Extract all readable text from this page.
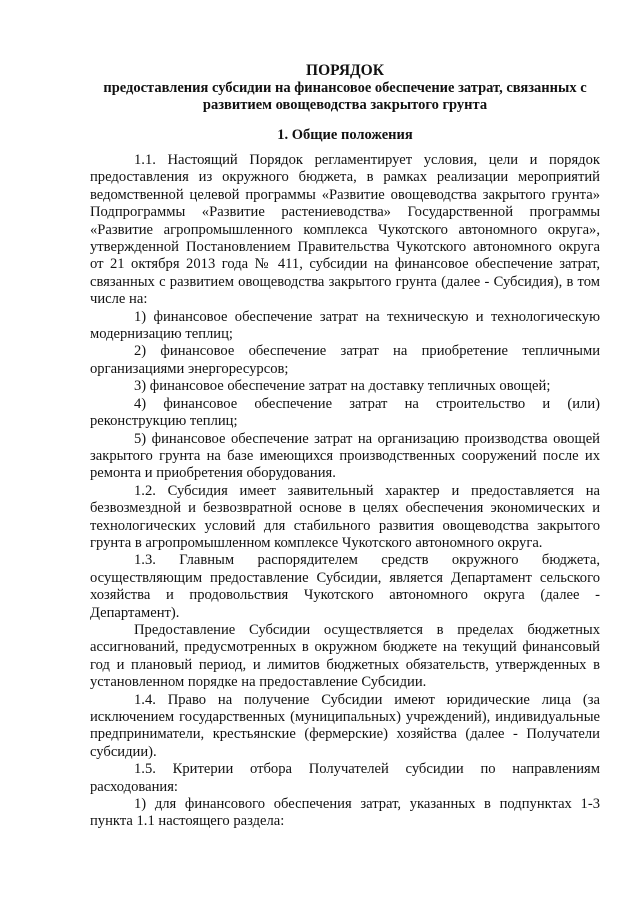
ПОРЯДОК

предоставления субсидии на финансовое обеспечение затрат, связанных с развитием овощеводства закрытого грунта

1. Общие положения

1.1. Настоящий Порядок регламентирует условия, цели и порядок предоставления из окружного бюджета, в рамках реализации мероприятий ведомственной целевой программы «Развитие овощеводства закрытого грунта» Подпрограммы «Развитие растениеводства» Государственной программы «Развитие агропромышленного комплекса Чукотского автономного округа», утвержденной Постановлением Правительства Чукотского автономного округа от 21 октября 2013 года № 411, субсидии на финансовое обеспечение затрат, связанных с развитием овощеводства закрытого грунта (далее - Субсидия), в том числе на:

1) финансовое обеспечение затрат на техническую и технологическую модернизацию теплиц;

2) финансовое обеспечение затрат на приобретение тепличными организациями энергоресурсов;

3) финансовое обеспечение затрат на доставку тепличных овощей;

4) финансовое обеспечение затрат на строительство и (или) реконструкцию теплиц;

5) финансовое обеспечение затрат на организацию производства овощей закрытого грунта на базе имеющихся производственных сооружений после их ремонта и приобретения оборудования.

1.2. Субсидия имеет заявительный характер и предоставляется на безвозмездной и безвозвратной основе в целях обеспечения экономических и технологических условий для стабильного развития овощеводства закрытого грунта в агропромышленном комплексе Чукотского автономного округа.

1.3. Главным распорядителем средств окружного бюджета, осуществляющим предоставление Субсидии, является Департамент сельского хозяйства и продовольствия Чукотского автономного округа (далее - Департамент).

Предоставление Субсидии осуществляется в пределах бюджетных ассигнований, предусмотренных в окружном бюджете на текущий финансовый год и плановый период, и лимитов бюджетных обязательств, утвержденных в установленном порядке на предоставление Субсидии.

1.4. Право на получение Субсидии имеют юридические лица (за исключением государственных (муниципальных) учреждений), индивидуальные предприниматели, крестьянские (фермерские) хозяйства (далее - Получатели субсидии).

1.5. Критерии отбора Получателей субсидии по направлениям расходования:

1) для финансового обеспечения затрат, указанных в подпунктах 1-3 пункта 1.1 настоящего раздела:
